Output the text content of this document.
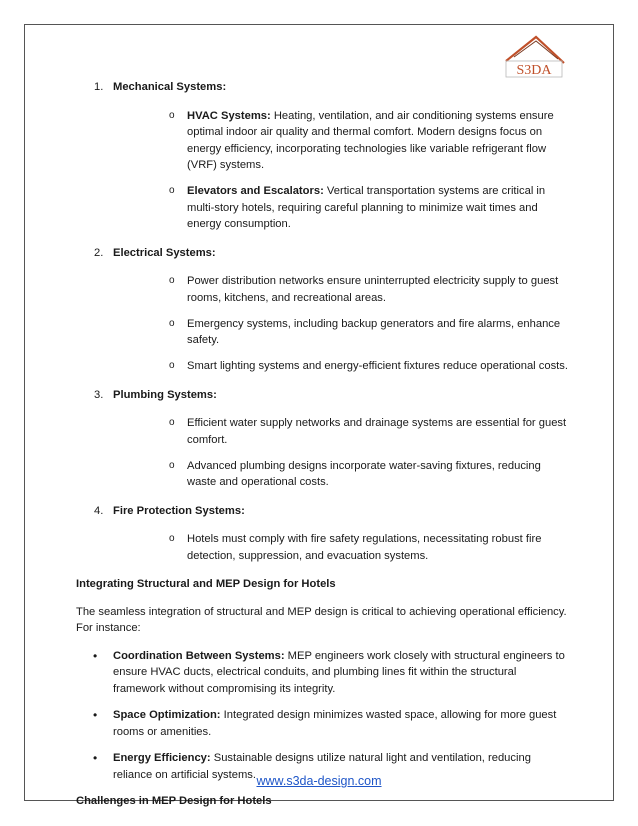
S3DA
1. Mechanical Systems:
o HVAC Systems: Heating, ventilation, and air conditioning systems ensure optimal indoor air quality and thermal comfort. Modern designs focus on energy efficiency, incorporating technologies like variable refrigerant flow (VRF) systems.
o Elevators and Escalators: Vertical transportation systems are critical in multi-story hotels, requiring careful planning to minimize wait times and energy consumption.
2. Electrical Systems:
o Power distribution networks ensure uninterrupted electricity supply to guest rooms, kitchens, and recreational areas.
o Emergency systems, including backup generators and fire alarms, enhance safety.
o Smart lighting systems and energy-efficient fixtures reduce operational costs.
3. Plumbing Systems:
o Efficient water supply networks and drainage systems are essential for guest comfort.
o Advanced plumbing designs incorporate water-saving fixtures, reducing waste and operational costs.
4. Fire Protection Systems:
o Hotels must comply with fire safety regulations, necessitating robust fire detection, suppression, and evacuation systems.
Integrating Structural and MEP Design for Hotels
The seamless integration of structural and MEP design is critical to achieving operational efficiency. For instance:
• Coordination Between Systems: MEP engineers work closely with structural engineers to ensure HVAC ducts, electrical conduits, and plumbing lines fit within the structural framework without compromising its integrity.
• Space Optimization: Integrated design minimizes wasted space, allowing for more guest rooms or amenities.
• Energy Efficiency: Sustainable designs utilize natural light and ventilation, reducing reliance on artificial systems.
Challenges in MEP Design for Hotels
www.s3da-design.com
